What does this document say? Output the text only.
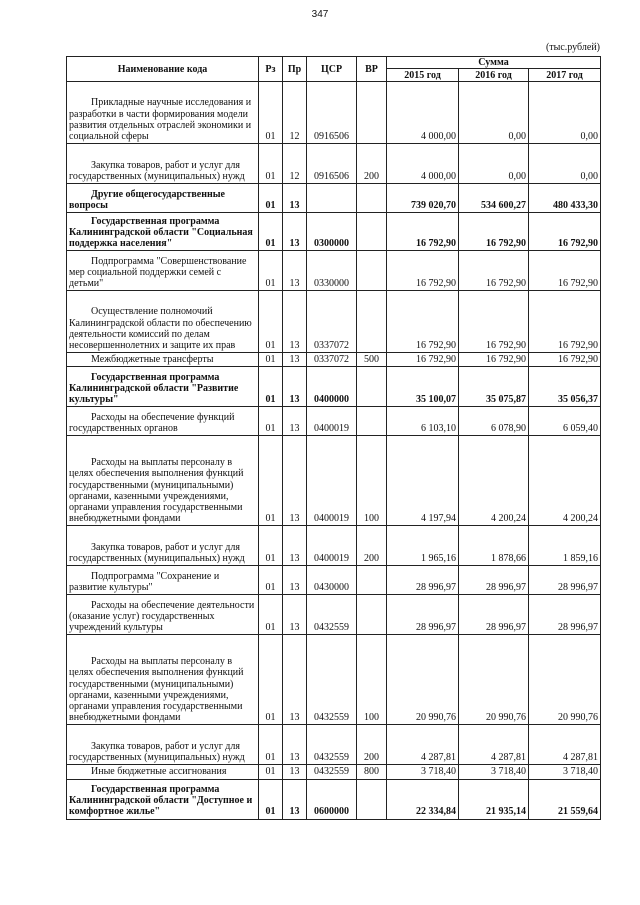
347
(тыс.рублей)
Наименование кода	Рз	Пр	ЦСР	ВР	Сумма		
					2015 год	2016 год	2017 год
Прикладные научные исследования и разработки в части формирования модели развития отдельных отраслей экономики и социальной сферы	01	12	0916506		4 000,00	0,00	0,00
Закупка товаров, работ и услуг для государственных (муниципальных) нужд	01	12	0916506	200	4 000,00	0,00	0,00
Другие общегосударственные вопросы	01	13			739 020,70	534 600,27	480 433,30
Государственная программа Калининградской области "Социальная поддержка населения"	01	13	0300000		16 792,90	16 792,90	16 792,90
Подпрограмма "Совершенствование мер социальной поддержки семей с детьми"	01	13	0330000		16 792,90	16 792,90	16 792,90
Осуществление полномочий Калининградской области по обеспечению деятельности комиссий по делам несовершеннолетних и защите их прав	01	13	0337072		16 792,90	16 792,90	16 792,90
Межбюджетные трансферты	01	13	0337072	500	16 792,90	16 792,90	16 792,90
Государственная программа Калининградской области "Развитие культуры"	01	13	0400000		35 100,07	35 075,87	35 056,37
Расходы на обеспечение функций государственных органов	01	13	0400019		6 103,10	6 078,90	6 059,40
Расходы на выплаты персоналу в целях обеспечения выполнения функций государственными (муниципальными) органами, казенными учреждениями, органами управления государственными внебюджетными фондами	01	13	0400019	100	4 197,94	4 200,24	4 200,24
Закупка товаров, работ и услуг для государственных (муниципальных) нужд	01	13	0400019	200	1 965,16	1 878,66	1 859,16
Подпрограмма "Сохранение и развитие культуры"	01	13	0430000		28 996,97	28 996,97	28 996,97
Расходы на обеспечение деятельности (оказание услуг) государственных учреждений культуры	01	13	0432559		28 996,97	28 996,97	28 996,97
Расходы на выплаты персоналу в целях обеспечения выполнения функций государственными (муниципальными) органами, казенными учреждениями, органами управления государственными внебюджетными фондами	01	13	0432559	100	20 990,76	20 990,76	20 990,76
Закупка товаров, работ и услуг для государственных (муниципальных) нужд	01	13	0432559	200	4 287,81	4 287,81	4 287,81
Иные бюджетные ассигнования	01	13	0432559	800	3 718,40	3 718,40	3 718,40
Государственная программа Калининградской области "Доступное и комфортное жилье"	01	13	0600000		22 334,84	21 935,14	21 559,64
